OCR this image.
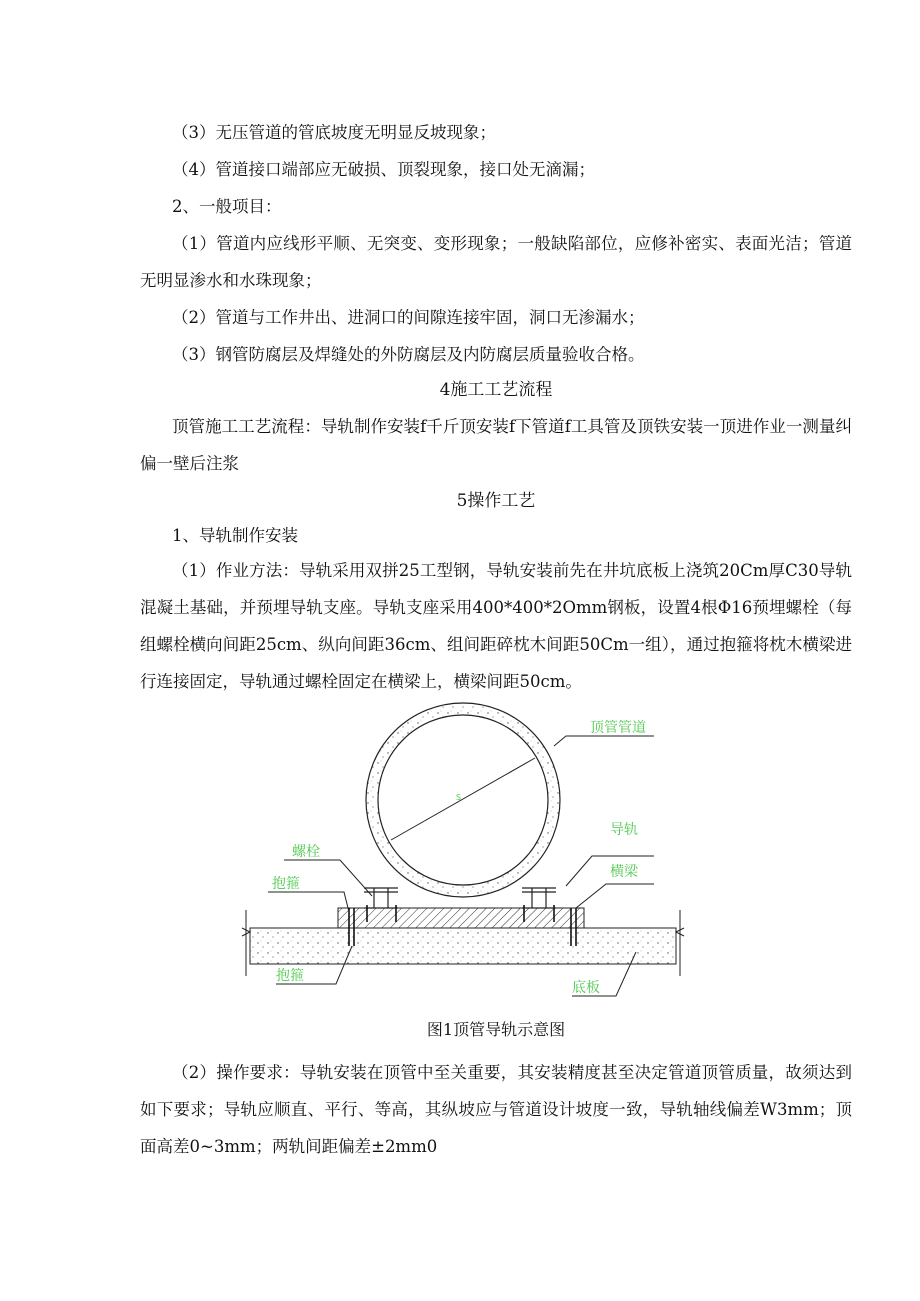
（3）无压管道的管底坡度无明显反坡现象；

（4）管道接口端部应无破损、顶裂现象，接口处无滴漏；

2、一般项目：

（1）管道内应线形平顺、无突变、变形现象；一般缺陷部位，应修补密实、表面光洁；管道无明显渗水和水珠现象；

（2）管道与工作井出、进洞口的间隙连接牢固，洞口无渗漏水；

（3）钢管防腐层及焊缝处的外防腐层及内防腐层质量验收合格。

4施工工艺流程

顶管施工工艺流程：导轨制作安装f千斤顶安装f下管道f工具管及顶铁安装一顶进作业一测量纠偏一壁后注浆

5操作工艺

1、导轨制作安装

（1）作业方法：导轨采用双拼25工型钢，导轨安装前先在井坑底板上浇筑20Cm厚C30导轨混凝土基础，并预埋导轨支座。导轨支座采用400*400*2Omm钢板，设置4根Φ16预埋螺栓（每组螺栓横向间距25cm、纵向间距36cm、组间距碎枕木间距50Cm一组），通过抱箍将枕木横梁进行连接固定，导轨通过螺栓固定在横梁上，横梁间距50cm。

S
顶管管道
导轨
横梁
螺栓
抱箍
抱箍
底板

图1顶管导轨示意图

（2）操作要求：导轨安装在顶管中至关重要，其安装精度甚至决定管道顶管质量，故须达到如下要求；导轨应顺直、平行、等高，其纵坡应与管道设计坡度一致，导轨轴线偏差W3mm；顶面高差0~3mm；两轨间距偏差±2mm0
